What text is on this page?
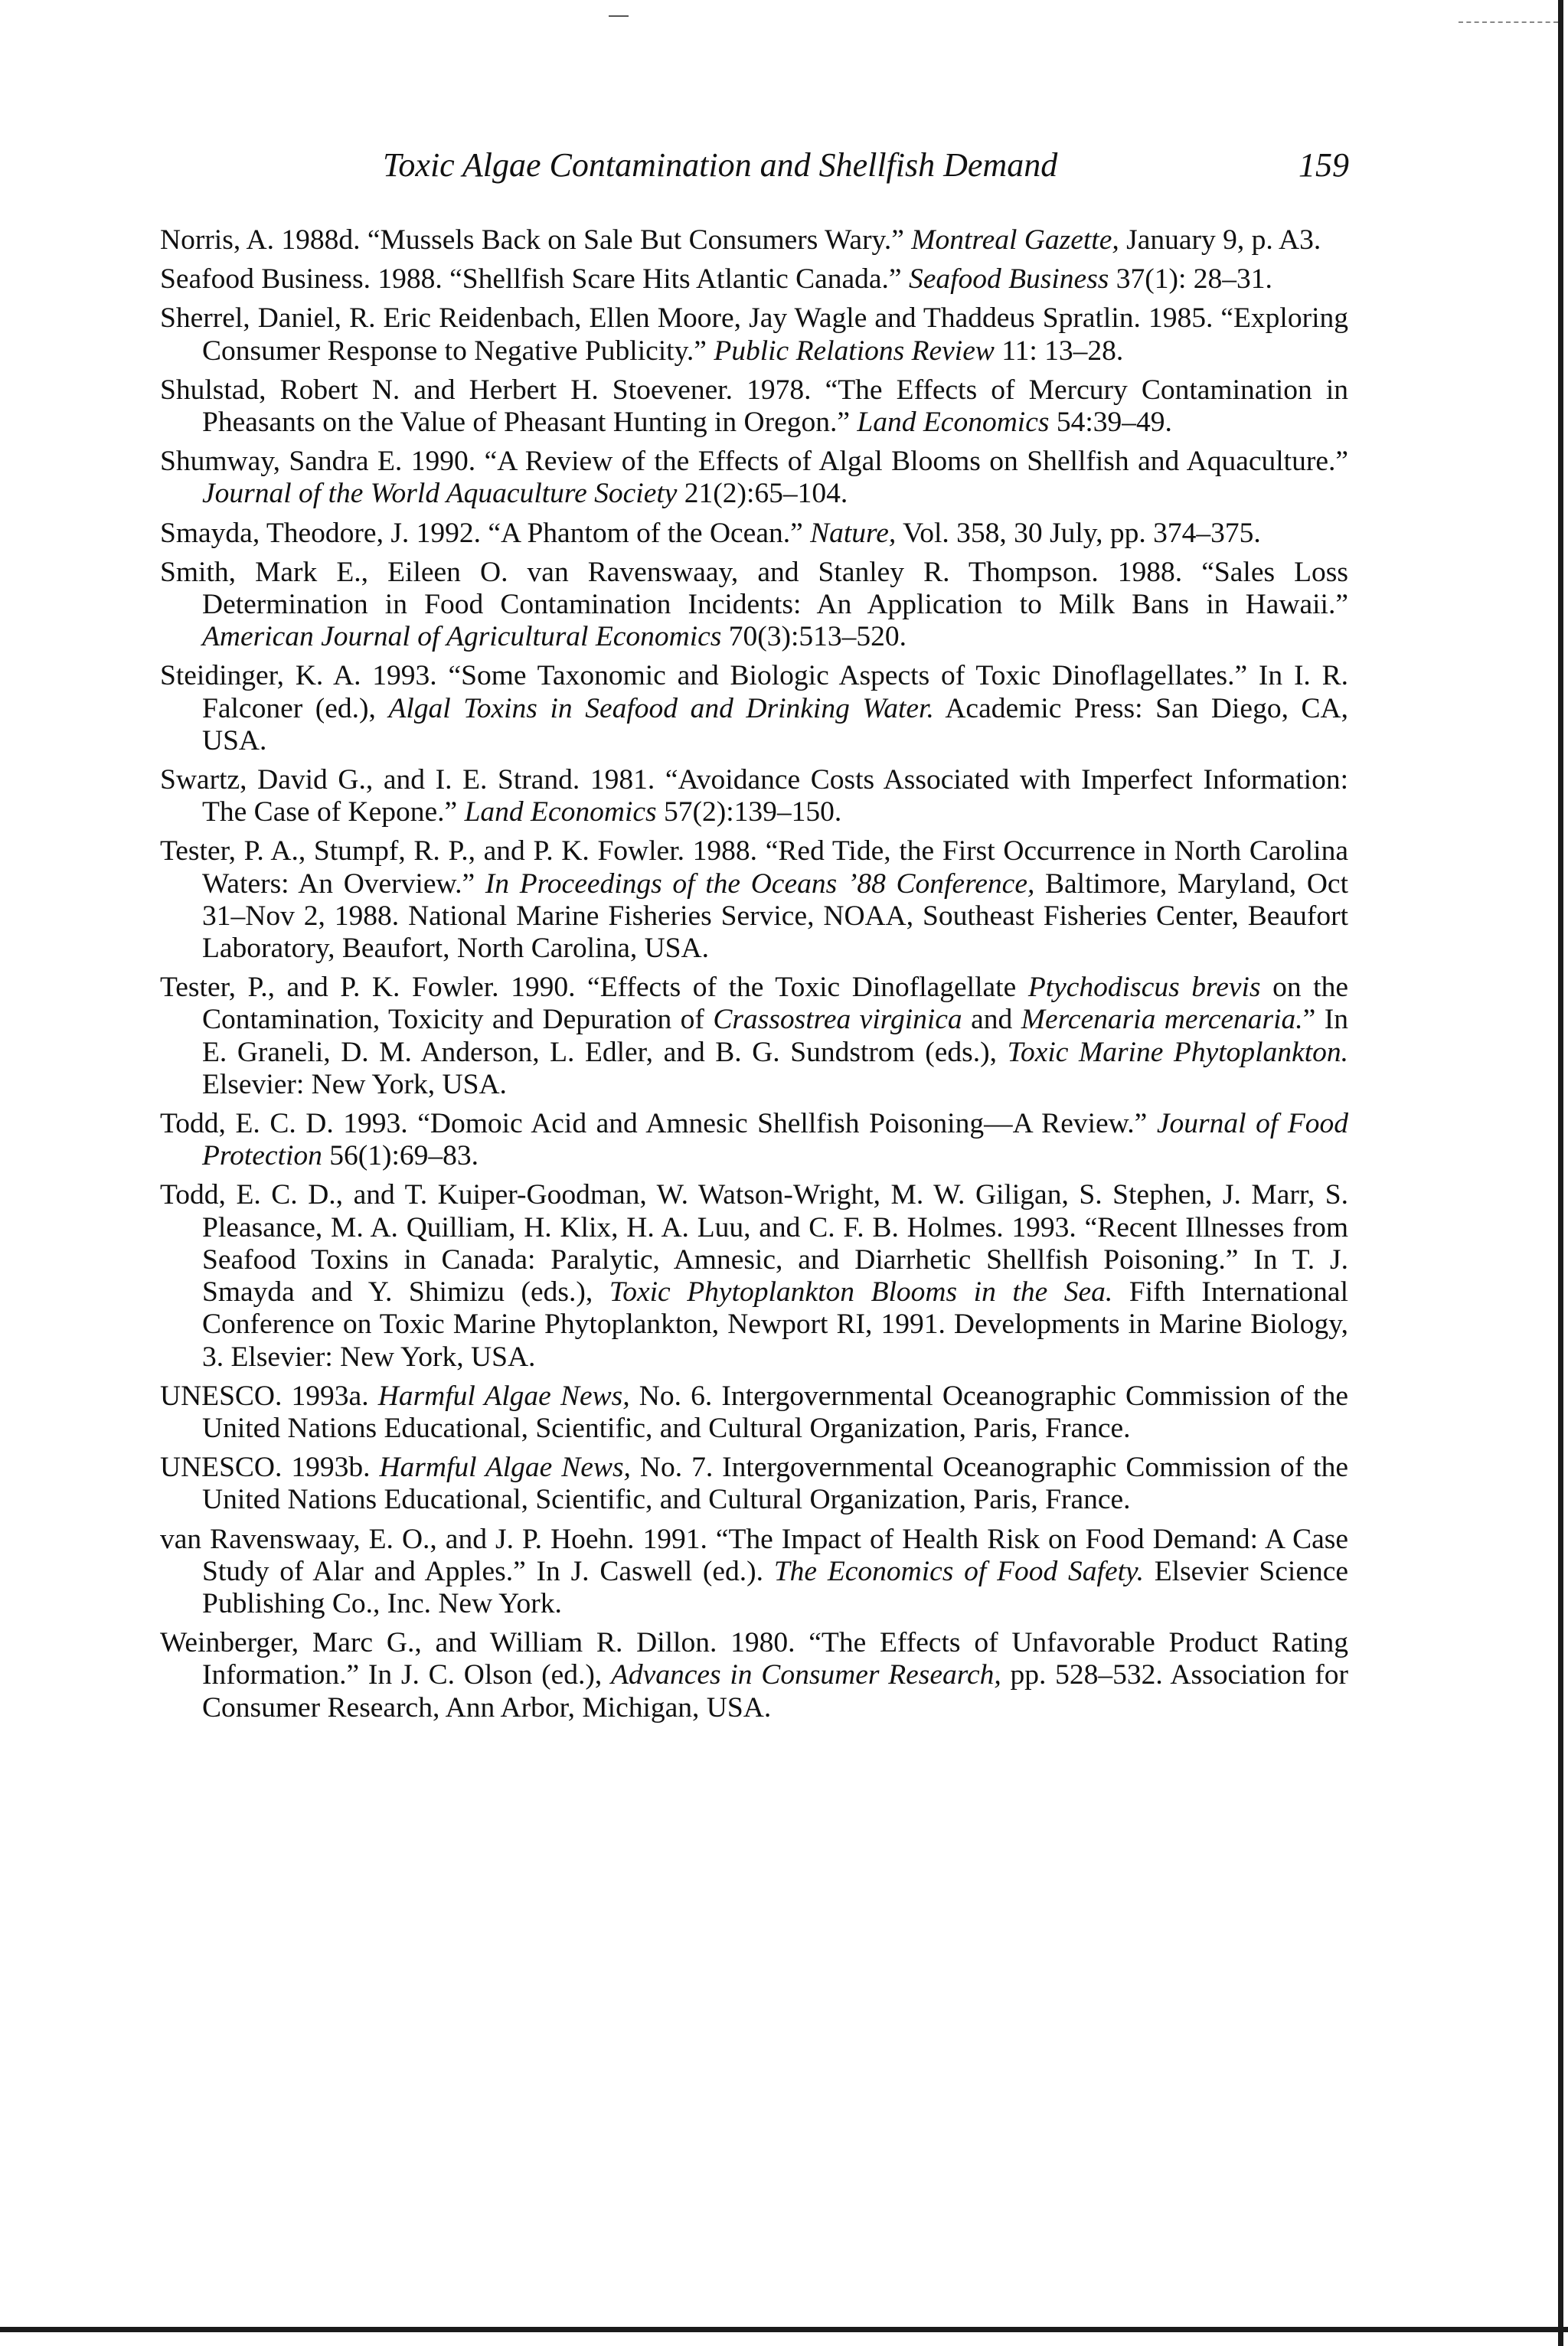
Toxic Algae Contamination and Shellfish Demand	159

Norris, A. 1988d. “Mussels Back on Sale But Consumers Wary.” Montreal Gazette, January 9, p. A3.

Seafood Business. 1988. “Shellfish Scare Hits Atlantic Canada.” Seafood Business 37(1): 28–31.

Sherrel, Daniel, R. Eric Reidenbach, Ellen Moore, Jay Wagle and Thaddeus Spratlin. 1985. “Exploring Consumer Response to Negative Publicity.” Public Relations Review 11: 13–28.

Shulstad, Robert N. and Herbert H. Stoevener. 1978. “The Effects of Mercury Contamination in Pheasants on the Value of Pheasant Hunting in Oregon.” Land Economics 54:39–49.

Shumway, Sandra E. 1990. “A Review of the Effects of Algal Blooms on Shellfish and Aquaculture.” Journal of the World Aquaculture Society 21(2):65–104.

Smayda, Theodore, J. 1992. “A Phantom of the Ocean.” Nature, Vol. 358, 30 July, pp. 374–375.

Smith, Mark E., Eileen O. van Ravenswaay, and Stanley R. Thompson. 1988. “Sales Loss Determination in Food Contamination Incidents: An Application to Milk Bans in Hawaii.” American Journal of Agricultural Economics 70(3):513–520.

Steidinger, K. A. 1993. “Some Taxonomic and Biologic Aspects of Toxic Dinoflagellates.” In I. R. Falconer (ed.), Algal Toxins in Seafood and Drinking Water. Academic Press: San Diego, CA, USA.

Swartz, David G., and I. E. Strand. 1981. “Avoidance Costs Associated with Imperfect Information: The Case of Kepone.” Land Economics 57(2):139–150.

Tester, P. A., Stumpf, R. P., and P. K. Fowler. 1988. “Red Tide, the First Occurrence in North Carolina Waters: An Overview.” In Proceedings of the Oceans ’88 Conference, Baltimore, Maryland, Oct 31–Nov 2, 1988. National Marine Fisheries Service, NOAA, Southeast Fisheries Center, Beaufort Laboratory, Beaufort, North Carolina, USA.

Tester, P., and P. K. Fowler. 1990. “Effects of the Toxic Dinoflagellate Ptychodiscus brevis on the Contamination, Toxicity and Depuration of Crassostrea virginica and Mercenaria mercenaria.” In E. Graneli, D. M. Anderson, L. Edler, and B. G. Sundstrom (eds.), Toxic Marine Phytoplankton. Elsevier: New York, USA.

Todd, E. C. D. 1993. “Domoic Acid and Amnesic Shellfish Poisoning—A Review.” Journal of Food Protection 56(1):69–83.

Todd, E. C. D., and T. Kuiper-Goodman, W. Watson-Wright, M. W. Giligan, S. Stephen, J. Marr, S. Pleasance, M. A. Quilliam, H. Klix, H. A. Luu, and C. F. B. Holmes. 1993. “Recent Illnesses from Seafood Toxins in Canada: Paralytic, Amnesic, and Diarrhetic Shellfish Poisoning.” In T. J. Smayda and Y. Shimizu (eds.), Toxic Phytoplankton Blooms in the Sea. Fifth International Conference on Toxic Marine Phytoplankton, Newport RI, 1991. Developments in Marine Biology, 3. Elsevier: New York, USA.

UNESCO. 1993a. Harmful Algae News, No. 6. Intergovernmental Oceanographic Commission of the United Nations Educational, Scientific, and Cultural Organization, Paris, France.

UNESCO. 1993b. Harmful Algae News, No. 7. Intergovernmental Oceanographic Commission of the United Nations Educational, Scientific, and Cultural Organization, Paris, France.

van Ravenswaay, E. O., and J. P. Hoehn. 1991. “The Impact of Health Risk on Food Demand: A Case Study of Alar and Apples.” In J. Caswell (ed.). The Economics of Food Safety. Elsevier Science Publishing Co., Inc. New York.

Weinberger, Marc G., and William R. Dillon. 1980. “The Effects of Unfavorable Product Rating Information.” In J. C. Olson (ed.), Advances in Consumer Research, pp. 528–532. Association for Consumer Research, Ann Arbor, Michigan, USA.
